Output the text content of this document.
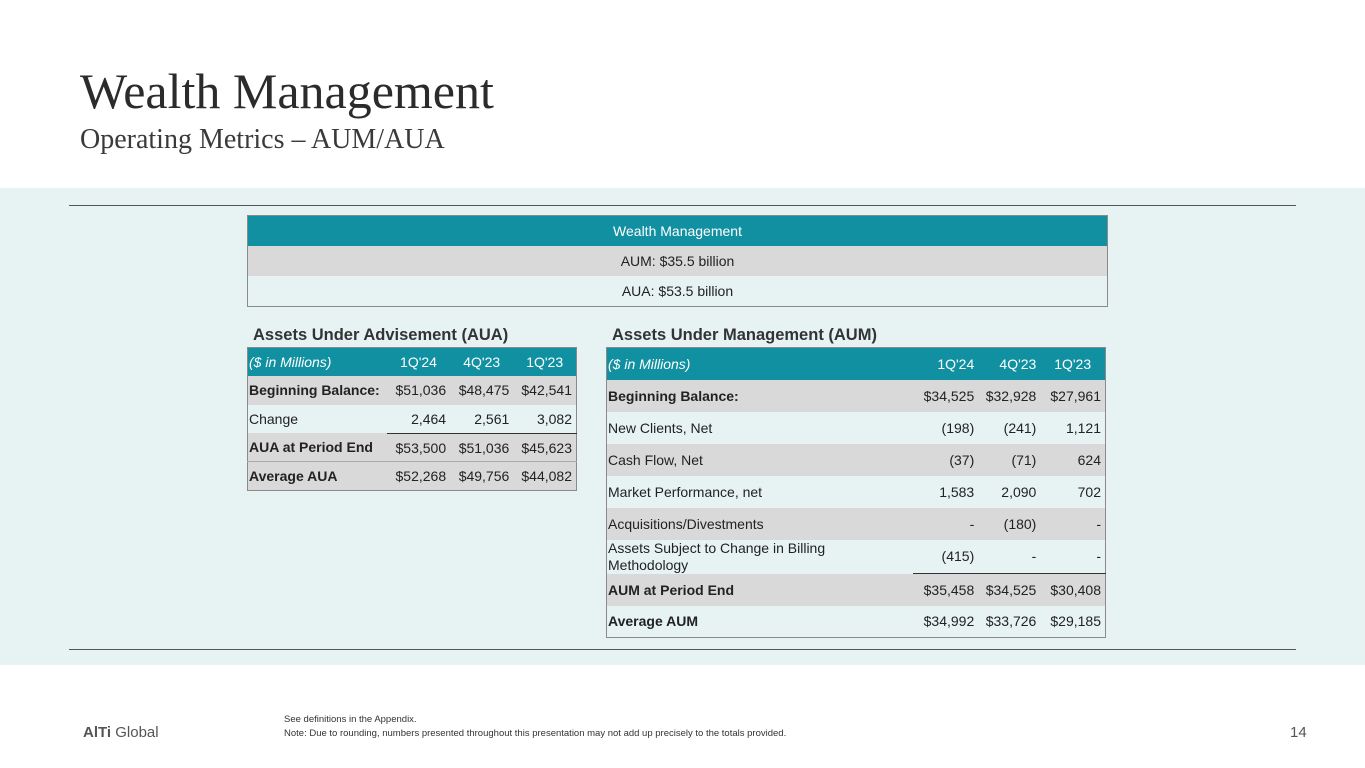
Wealth Management
Operating Metrics – AUM/AUA
Wealth Management
AUM: $35.5 billion
AUA: $53.5 billion
Assets Under Advisement (AUA)	Assets Under Management (AUM)
($ in Millions)	1Q'24	4Q'23	1Q'23
Beginning Balance:	$51,036	$48,475	$42,541
Change	2,464	2,561	3,082
AUA at Period End	$53,500	$51,036	$45,623
Average AUA	$52,268	$49,756	$44,082
($ in Millions)	1Q'24	4Q'23	1Q'23
Beginning Balance:	$34,525	$32,928	$27,961
New Clients, Net	(198)	(241)	1,121
Cash Flow, Net	(37)	(71)	624
Market Performance, net	1,583	2,090	702
Acquisitions/Divestments	-	(180)	-
Assets Subject to Change in Billing Methodology	(415)	-	-
AUM at Period End	$35,458	$34,525	$30,408
Average AUM	$34,992	$33,726	$29,185
AlTi Global
See definitions in the Appendix.
Note: Due to rounding, numbers presented throughout this presentation may not add up precisely to the totals provided.	14
